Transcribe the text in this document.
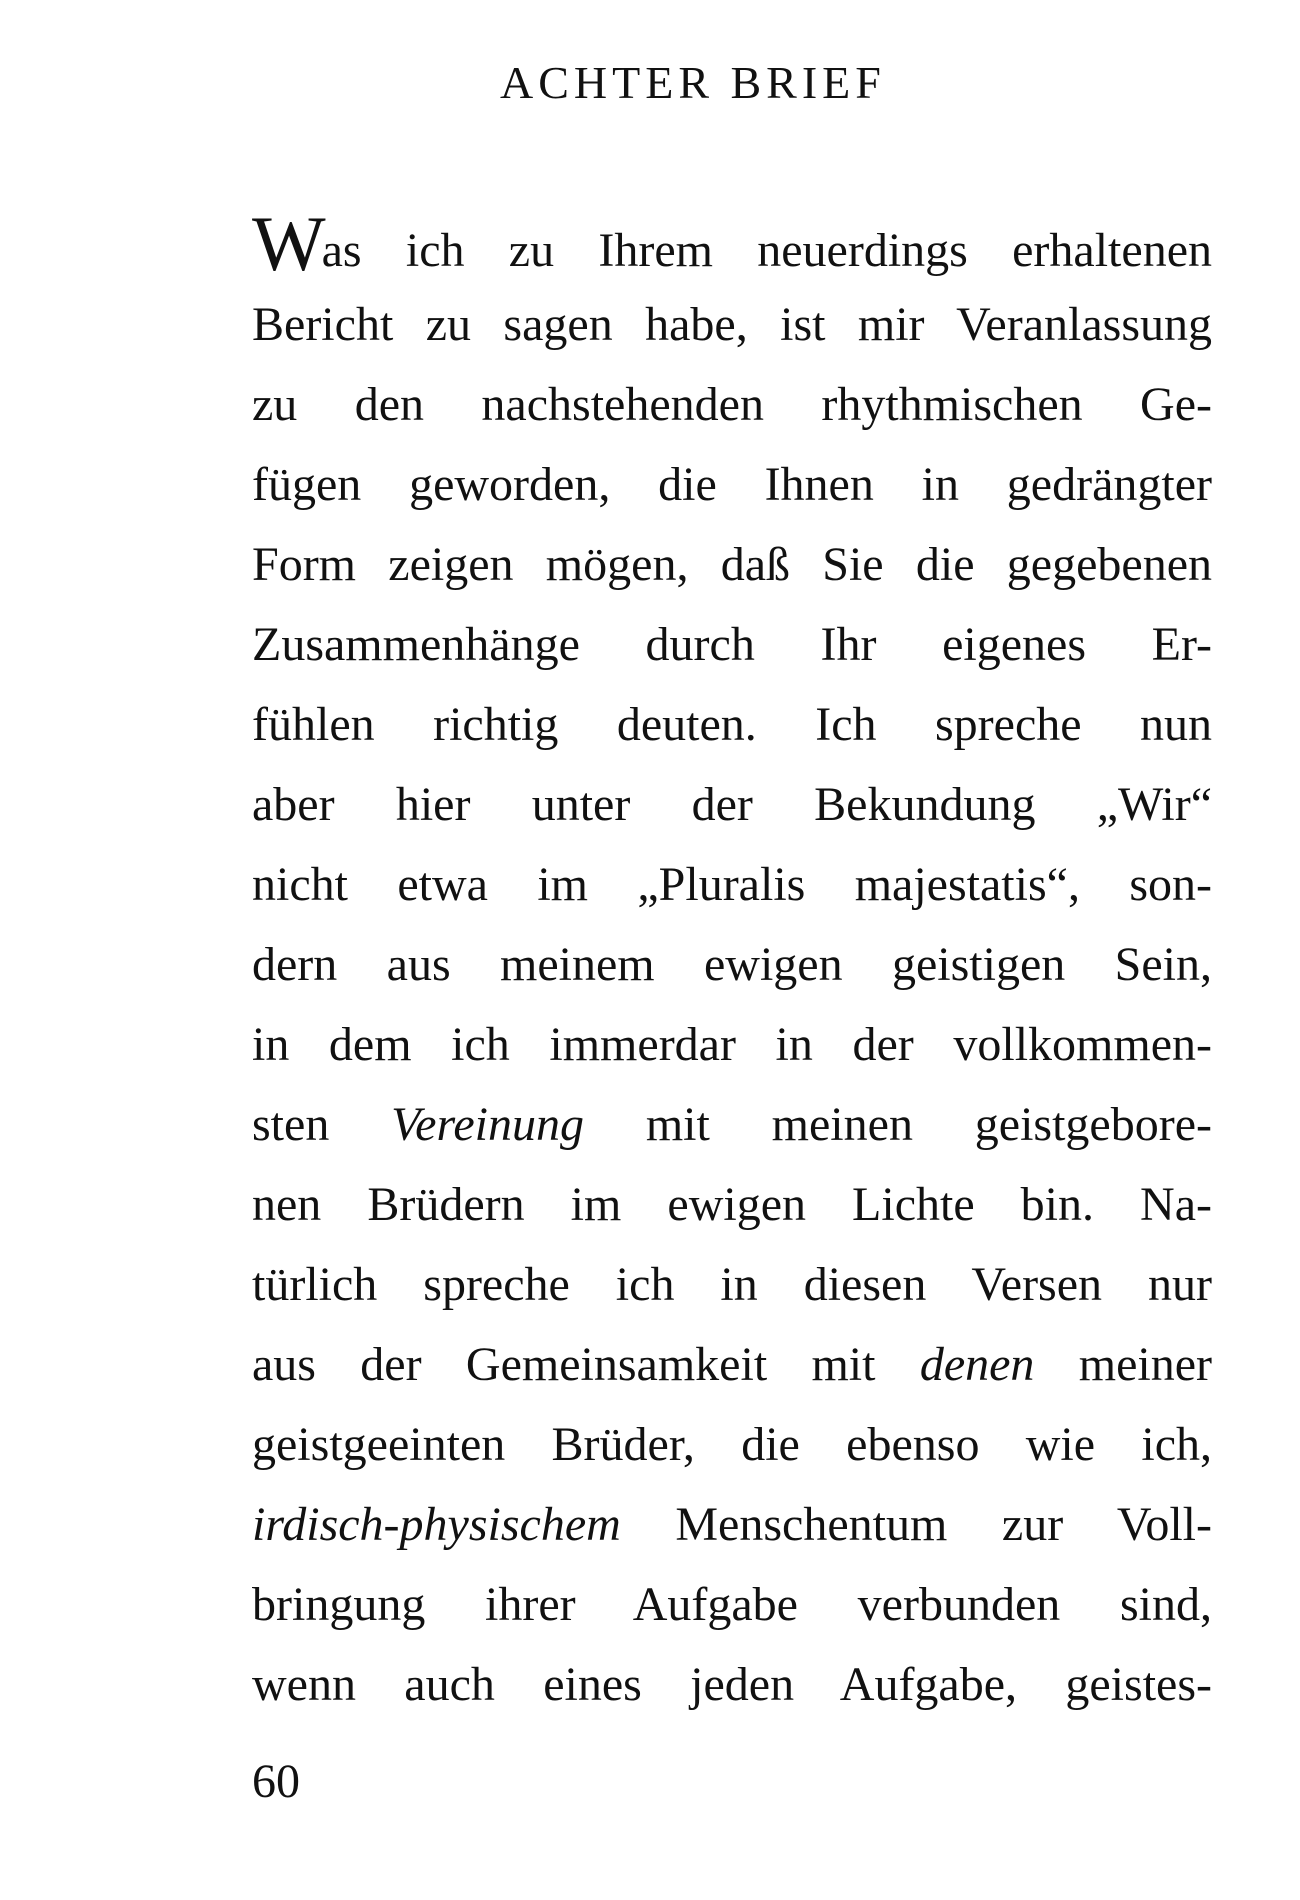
ACHTER BRIEF
Was ich zu Ihrem neuerdings erhaltenen
Bericht zu sagen habe, ist mir Veranlassung
zu den nachstehenden rhythmischen Ge-
fügen geworden, die Ihnen in gedrängter
Form zeigen mögen, daß Sie die gegebenen
Zusammenhänge durch Ihr eigenes Er-
fühlen richtig deuten. Ich spreche nun
aber hier unter der Bekundung „Wir“
nicht etwa im „Pluralis majestatis“, son-
dern aus meinem ewigen geistigen Sein,
in dem ich immerdar in der vollkommen-
sten Vereinung mit meinen geistgebore-
nen Brüdern im ewigen Lichte bin. Na-
türlich spreche ich in diesen Versen nur
aus der Gemeinsamkeit mit denen meiner
geistgeeinten Brüder, die ebenso wie ich,
irdisch-physischem Menschentum zur Voll-
bringung ihrer Aufgabe verbunden sind,
wenn auch eines jeden Aufgabe, geistes-
60
